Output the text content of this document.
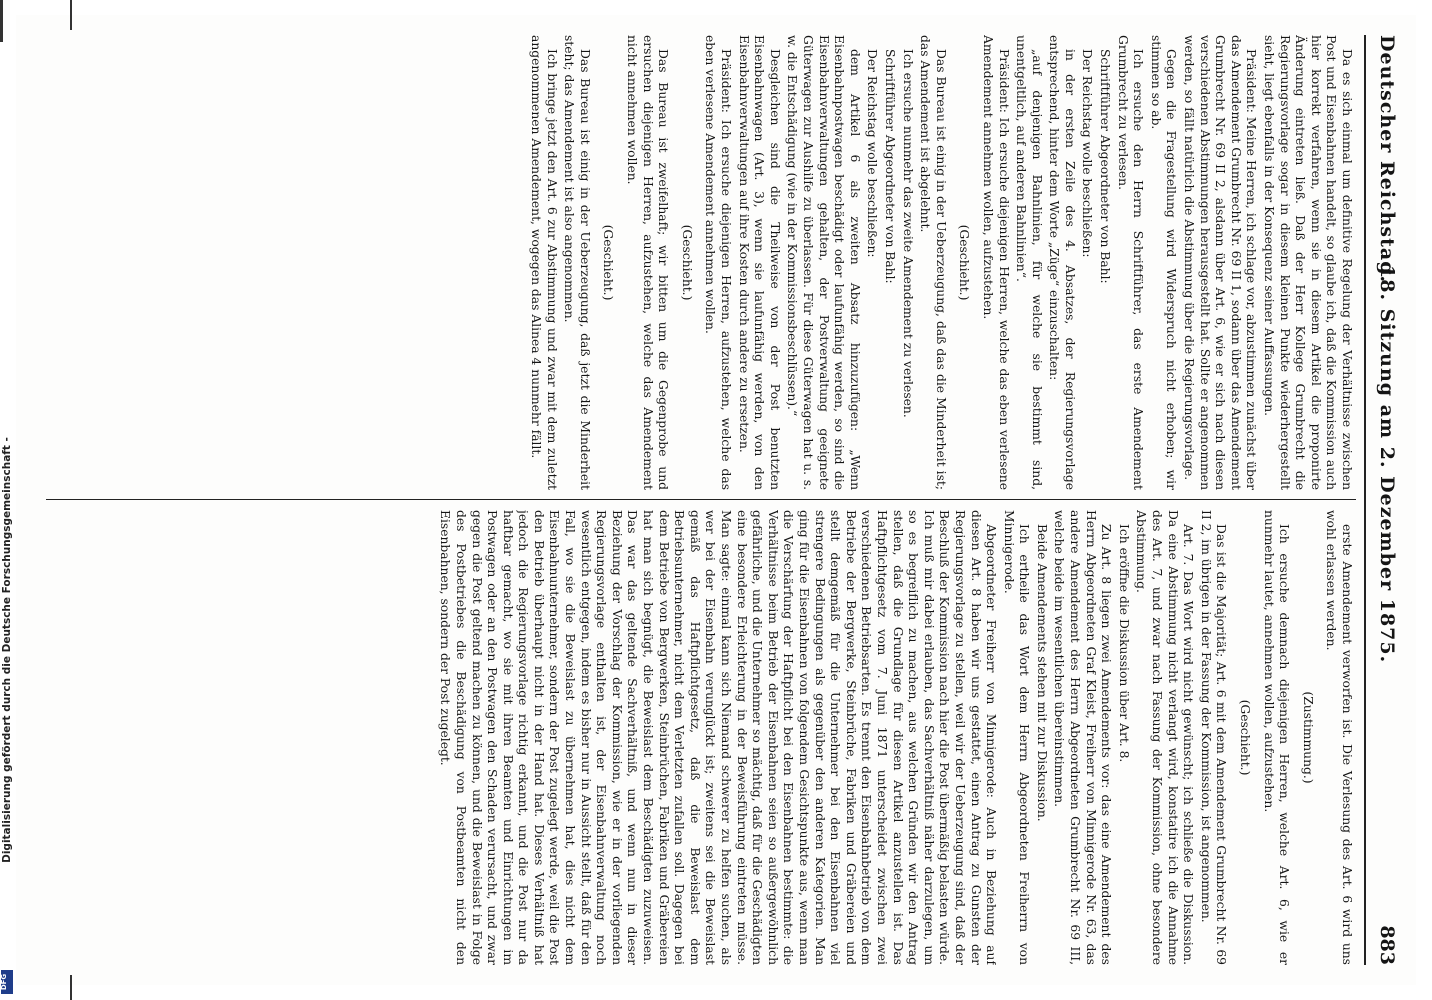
Deutscher Reichstag.
18. Sitzung am 2. Dezember 1875.
883

Da es sich einmal um definitive Regelung der Verhältnisse zwischen Post und Eisenbahnen handelt, so glaube ich, daß die Kommission auch hier korrekt verfahren, wenn sie in diesem Artikel die proponirte Änderung eintreten ließ. Daß der Herr Kollege Grumbrecht die Regierungsvorlage sogar in diesem kleinen Punkte wiederhergestellt sieht, liegt ebenfalls in der Konsequenz seiner Auffassungen.

Präsident: Meine Herren, ich schlage vor, abzustimmen zunächst über das Amendement Grumbrecht Nr. 69 II 1, sodann über das Amendement Grumbrecht Nr. 69 II 2, alsdann über Art. 6, wie er sich nach diesen verschiedenen Abstimmungen herausgestellt hat. Sollte er angenommen werden, so fällt natürlich die Abstimmung über die Regierungsvorlage.

Gegen die Fragestellung wird Widerspruch nicht erhoben; wir stimmen so ab.

Ich ersuche den Herrn Schriftführer, das erste Amendement Grumbrecht zu verlesen.

Schriftführer Abgeordneter von Bahl:

Der Reichstag wolle beschließen:

in der ersten Zeile des 4. Absatzes, der Regierungsvorlage entsprechend, hinter dem Worte „Züge“ einzuschalten:

„auf denjenigen Bahnlinien, für welche sie bestimmt sind, unentgeltlich, auf anderen Bahnlinien“.

Präsident: Ich ersuche diejenigen Herren, welche das eben verlesene Amendement annehmen wollen, aufzustehen.

(Geschieht.)

Das Bureau ist einig in der Ueberzeugung, daß das die Minderheit ist; das Amendement ist abgelehnt.

Ich ersuche nunmehr das zweite Amendement zu verlesen.

Schriftführer Abgeordneter von Bahl:

Der Reichstag wolle beschließen:

dem Artikel 6 als zweiten Absatz hinzuzufügen: „Wenn Eisenbahnpostwagen beschädigt oder laufunfähig werden, so sind die Eisenbahnverwaltungen gehalten, der Postverwaltung geeignete Güterwagen zur Aushilfe zu überlassen. Für diese Güterwagen hat u. s. w. die Entschädigung (wie in der Kommissionsbeschlüssen).“

Desgleichen sind die Theilweise von der Post benutzten Eisenbahnwagen (Art. 3), wenn sie laufunfähig werden, von den Eisenbahnverwaltungen auf ihre Kosten durch andere zu ersetzen.

Präsident: Ich ersuche diejenigen Herren, aufzustehen, welche das eben verlesene Amendement annehmen wollen.

(Geschieht.)

Das Bureau ist zweifelhaft; wir bitten um die Gegenprobe und ersuchen diejenigen Herren, aufzustehen, welche das Amendement nicht annehmen wollen.

(Geschieht.)

Das Bureau ist einig in der Ueberzeugung, daß jetzt die Minderheit steht; das Amendement ist also angenommen.

Ich bringe jetzt den Art. 6 zur Abstimmung und zwar mit dem zuletzt angenommenen Amendement, wogegen das Alinea 4 nunmehr fällt.

erste Amendement verworfen ist. Die Verlesung des Art. 6 wird uns wohl erlassen werden.

(Zustimmung.)

Ich ersuche demnach diejenigen Herren, welche Art. 6, wie er nunmehr lautet, annehmen wollen, aufzustehen.

(Geschieht.)

Das ist die Majorität; Art. 6 mit dem Amendement Grumbrecht Nr. 69 II 2, im übrigen in der Fassung der Kommission, ist angenommen.

Art. 7. Das Wort wird nicht gewünscht; ich schließe die Diskussion. Da eine Abstimmung nicht verlangt wird, konstatire ich die Annahme des Art. 7, und zwar nach Fassung der Kommission, ohne besondere Abstimmung.

Ich eröffne die Diskussion über Art. 8.

Zu Art. 8 liegen zwei Amendements vor: das eine Amendement des Herrn Abgeordneten Graf Kleist, Freiherr von Minnigerode Nr. 63, das andere Amendement des Herrn Abgeordneten Grumbrecht Nr. 69 III, welche beide im wesentlichen übereinstimmen.

Beide Amendements stehen mit zur Diskussion.

Ich ertheile das Wort dem Herrn Abgeordneten Freiherrn von Minnigerode.

Abgeordneter Freiherr von Minnigerode: Auch in Beziehung auf diesen Art. 8 haben wir uns gestattet, einen Antrag zu Gunsten der Regierungsvorlage zu stellen, weil wir der Ueberzeugung sind, daß der Beschluß der Kommission nach hier die Post übermäßig belasten würde. Ich muß mir dabei erlauben, das Sachverhältniß näher darzulegen, um so es begreiflich zu machen, aus welchen Gründen wir den Antrag stellen, daß die Grundlage für diesen Artikel anzustellen ist. Das Haftpflichtgesetz vom 7. Juni 1871 unterscheidet zwischen zwei verschiedenen Betriebsarten. Es trennt den Eisenbahnbetrieb von dem Betriebe der Bergwerke, Steinbrüche, Fabriken und Gräbereien und stellt demgemäß für die Unternehmer bei den Eisenbahnen viel strengere Bedingungen als gegenüber den anderen Kategorien. Man ging für die Eisenbahnen von folgendem Gesichtspunkte aus, wenn man die Verschärfung der Haftpflicht bei den Eisenbahnen bestimmte: die Verhältnisse beim Betrieb der Eisenbahnen seien so außergewöhnlich gefährliche, und die Unternehmer so mächtig, daß für die Geschädigten eine besondere Erleichterung in der Beweisführung eintreten müsse. Man sagte: einmal kann sich Niemand schwerer zu helfen suchen, als wer bei der Eisenbahn verunglückt ist; zweitens sei die Beweislast gemäß das Haftpflichtgesetz, daß die Beweislast dem Betriebsunternehmer, nicht dem Verletzten zufallen soll. Dagegen bei dem Betriebe von Bergwerken, Steinbrüchen, Fabriken und Gräbereien hat man sich begnügt, die Beweislast dem Beschädigten zuzuweisen. Das war das geltende Sachverhältniß, und wenn nun in dieser Beziehung der Vorschlag der Kommission, wie er in der vorliegenden Regierungsvorlage enthalten ist, der Eisenbahnverwaltung noch wesentlich entgegen, indem es bisher nur in Aussicht stellt, daß für den Fall, wo sie die Beweislast zu übernehmen hat, dies nicht dem Eisenbahnunternehmer, sondern der Post zugelegt werde, weil die Post den Betrieb überhaupt nicht in der Hand hat. Dieses Verhältniß hat jedoch die Regierungsvorlage richtig erkannt, und die Post nur da haftbar gemacht, wo sie mit ihren Beamten und Einrichtungen im Postwagen oder an den Postwagen den Schaden verursacht, und zwar gegen die Post geltend machen zu können, und die Beweislast in Folge des Postbetriebes die Beschädigung von Postbeamten nicht den Eisenbahnen, sondern der Post zugelegt.

Digitalisierung gefördert durch die Deutsche Forschungsgemeinschaft -
DFG
